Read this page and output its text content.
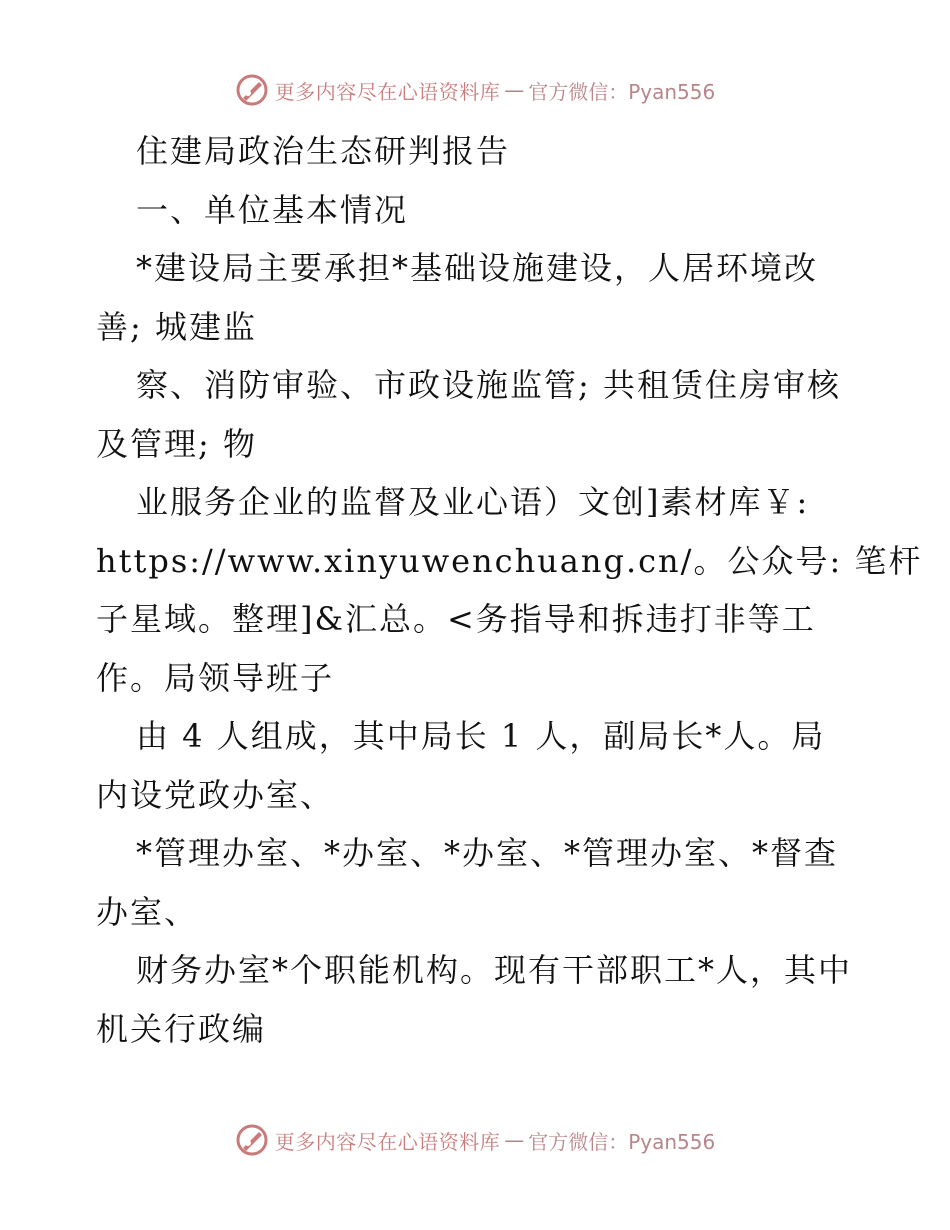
更多内容尽在心语资料库 — 官方微信：Pyan556
住建局政治生态研判报告
一、单位基本情况
*建设局主要承担*基础设施建设，人居环境改
善; 城建监
察、消防审验、市政设施监管; 共租赁住房审核
及管理; 物
业服务企业的监督及业心语）文创]素材库￥:
https://www.xinyuwenchuang.cn/。公众号: 笔杆
子星域。整理]&汇总。<务指导和拆违打非等工
作。局领导班子
由 4 人组成，其中局长 1 人，副局长*人。局
内设党政办室、
*管理办室、*办室、*办室、*管理办室、*督查
办室、
财务办室*个职能机构。现有干部职工*人，其中
机关行政编
更多内容尽在心语资料库 — 官方微信：Pyan556
